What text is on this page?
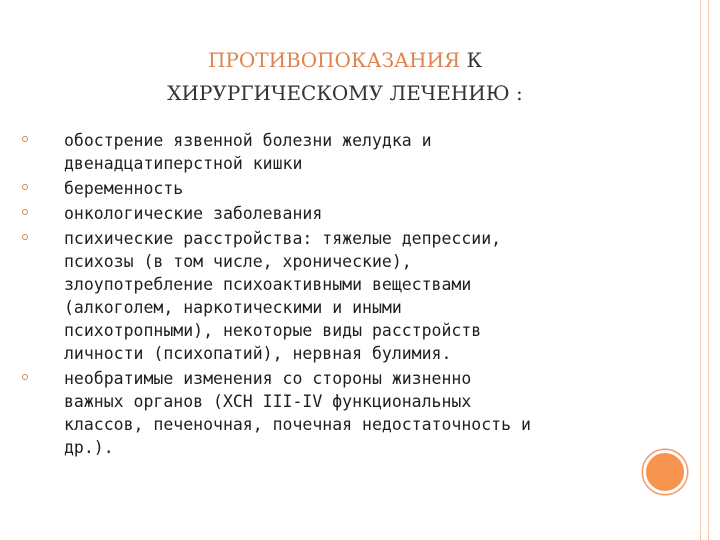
ПРОТИВОПОКАЗАНИЯ К
ХИРУРГИЧЕСКОМУ ЛЕЧЕНИЮ :
обострение язвенной болезни желудка и
двенадцатиперстной кишки
беременность
онкологические заболевания
психические расстройства: тяжелые депрессии,
психозы (в том числе, хронические),
злоупотребление психоактивными веществами
(алкоголем, наркотическими и иными
психотропными), некоторые виды расстройств
личности (психопатий), нервная булимия.
необратимые изменения со стороны жизненно
важных органов (ХСН III-IV функциональных
классов, печеночная, почечная недостаточность и
др.).
